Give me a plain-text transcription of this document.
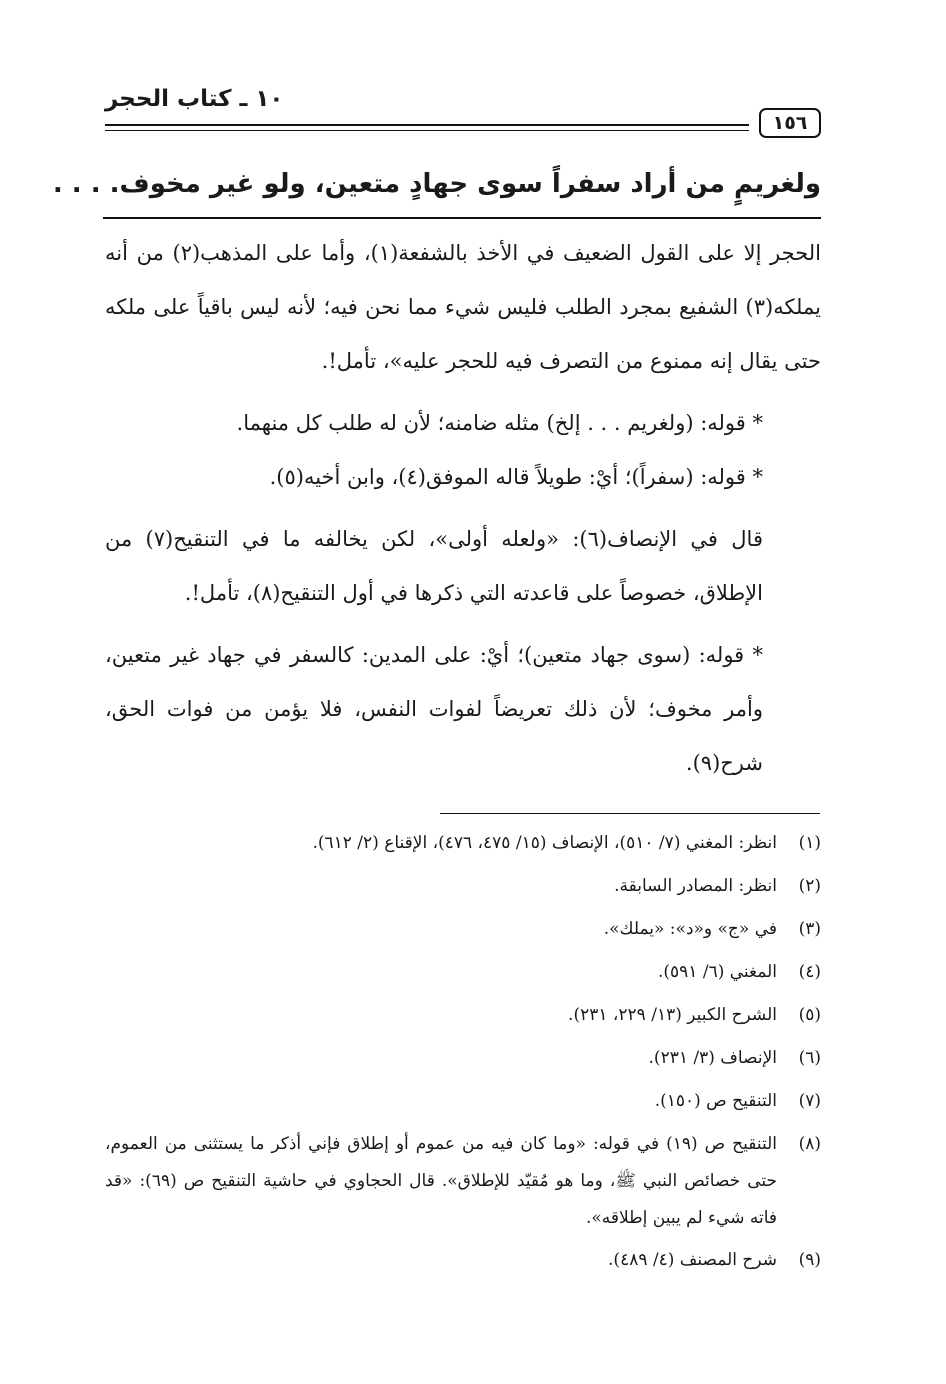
١٠ ـ كتاب الحجر
١٥٦
ولغريمٍ من أراد سفراً سوى جهادٍ متعين، ولو غير مخوف. . . .

الحجر إلا على القول الضعيف في الأخذ بالشفعة(١)، وأما على المذهب(٢) من أنه يملكه(٣) الشفيع بمجرد الطلب فليس شيء مما نحن فيه؛ لأنه ليس باقياً على ملكه حتى يقال إنه ممنوع من التصرف فيه للحجر عليه»، تأمل!.

* قوله: (ولغريم . . . إلخ) مثله ضامنه؛ لأن له طلب كل منهما.

* قوله: (سفراً)؛ أيْ: طويلاً قاله الموفق(٤)، وابن أخيه(٥).

قال في الإنصاف(٦): «ولعله أولى»، لكن يخالفه ما في التنقيح(٧) من الإطلاق، خصوصاً على قاعدته التي ذكرها في أول التنقيح(٨)، تأمل!.

* قوله: (سوى جهاد متعين)؛ أيْ: على المدين: كالسفر في جهاد غير متعين، وأمر مخوف؛ لأن ذلك تعريضاً لفوات النفس، فلا يؤمن من فوات الحق، شرح(٩).

(١)
انظر: المغني (٧/ ٥١٠)، الإنصاف (١٥/ ٤٧٥، ٤٧٦)، الإقناع (٢/ ٦١٢).
(٢)
انظر: المصادر السابقة.
(٣)
في «ج» و«د»: «يملك».
(٤)
المغني (٦/ ٥٩١).
(٥)
الشرح الكبير (١٣/ ٢٢٩، ٢٣١).
(٦)
الإنصاف (٣/ ٢٣١).
(٧)
التنقيح ص (١٥٠).
(٨)
التنقيح ص (١٩) في قوله: «وما كان فيه من عموم أو إطلاق فإني أذكر ما يستثنى من العموم، حتى خصائص النبي ﷺ، وما هو مُقيّد للإطلاق». قال الحجاوي في حاشية التنقيح ص (٦٩): «قد فاته شيء لم يبين إطلاقه».
(٩)
شرح المصنف (٤/ ٤٨٩).
